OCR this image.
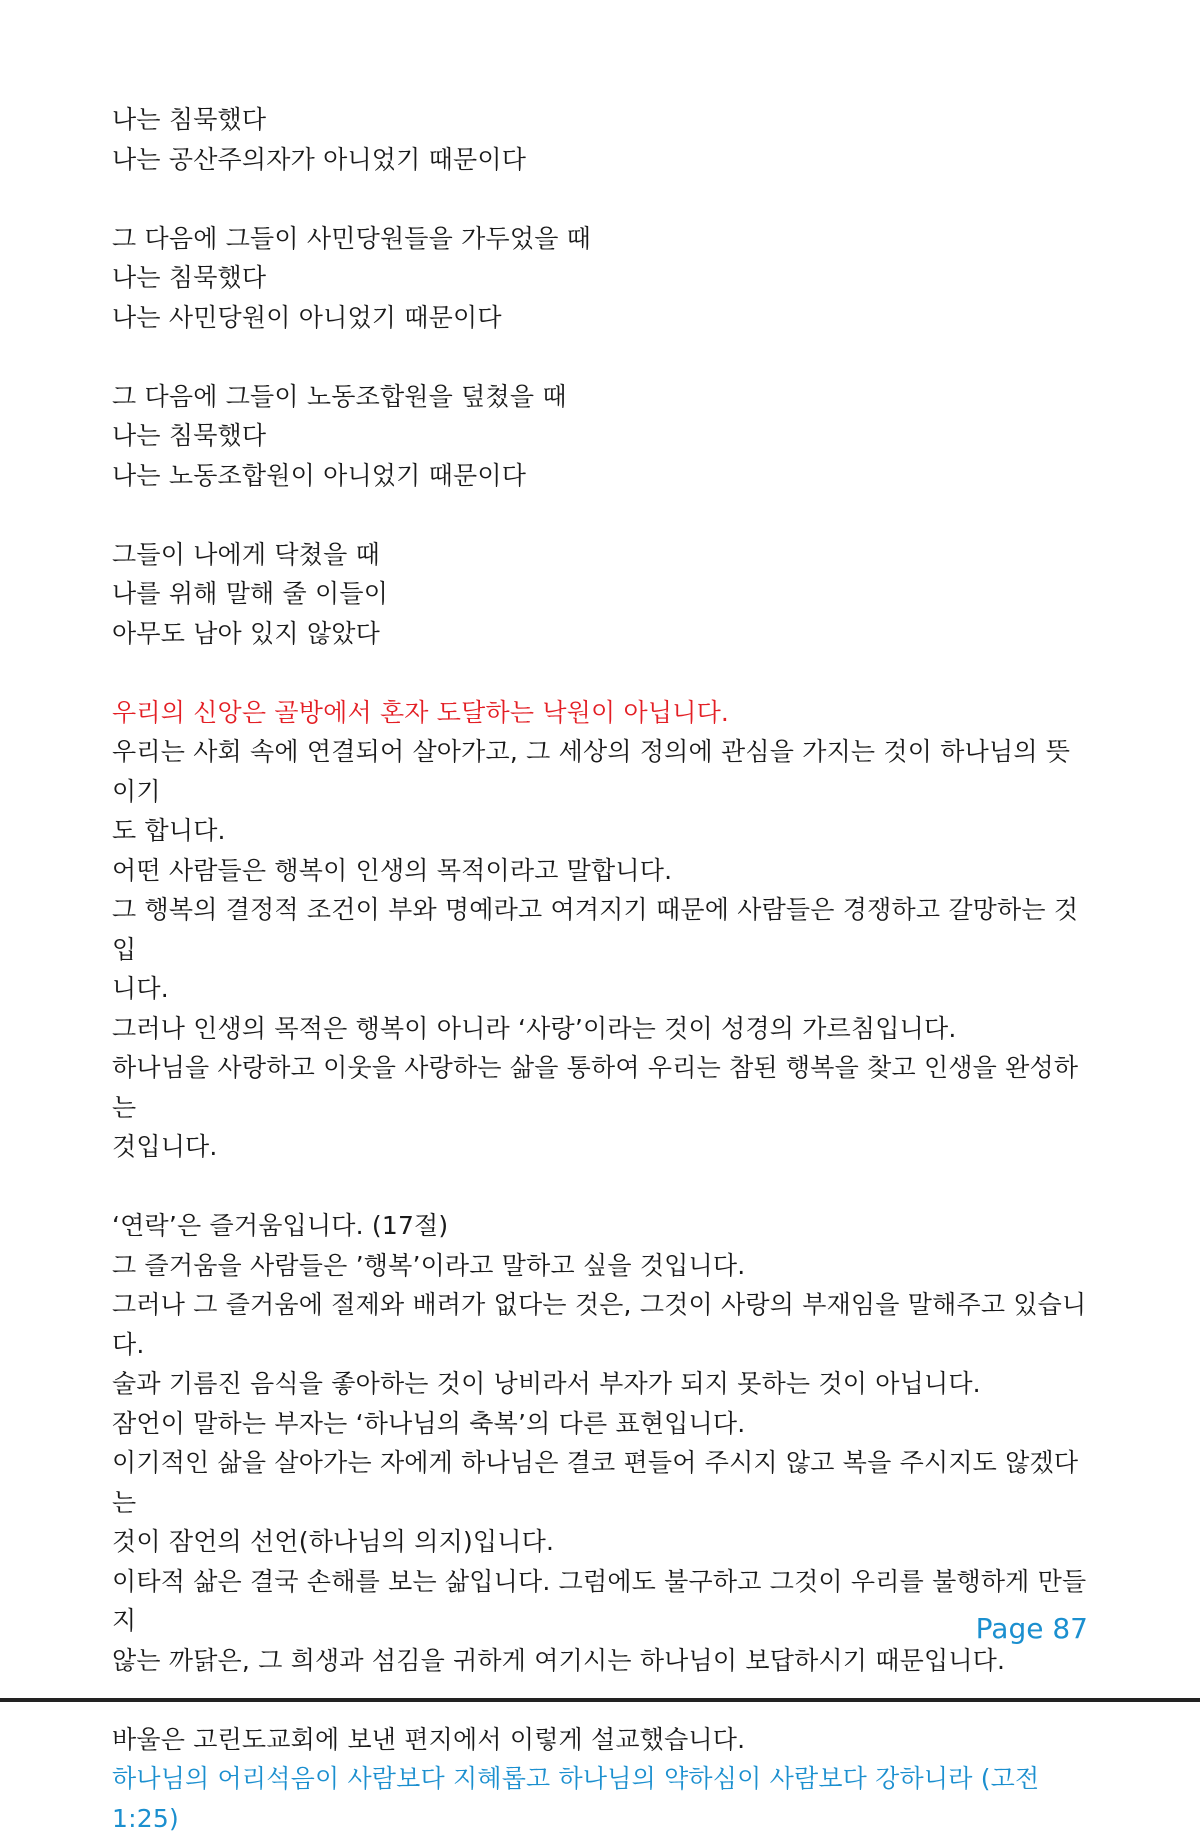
나는 침묵했다

나는 공산주의자가 아니었기 때문이다

그 다음에 그들이 사민당원들을 가두었을 때

나는 침묵했다

나는 사민당원이 아니었기 때문이다

그 다음에 그들이 노동조합원을 덮쳤을 때

나는 침묵했다

나는 노동조합원이 아니었기 때문이다

그들이 나에게 닥쳤을 때

나를 위해 말해 줄 이들이

아무도 남아 있지 않았다

우리의 신앙은 골방에서 혼자 도달하는 낙원이 아닙니다.

우리는 사회 속에 연결되어 살아가고, 그 세상의 정의에 관심을 가지는 것이 하나님의 뜻이기

도 합니다.

어떤 사람들은 행복이 인생의 목적이라고 말합니다.

그 행복의 결정적 조건이 부와 명예라고 여겨지기 때문에 사람들은 경쟁하고 갈망하는 것입

니다.

그러나 인생의 목적은 행복이 아니라 ‘사랑’이라는 것이 성경의 가르침입니다.

하나님을 사랑하고 이웃을 사랑하는 삶을 통하여 우리는 참된 행복을 찾고 인생을 완성하는

것입니다.

‘연락’은 즐거움입니다. (17절)

그 즐거움을 사람들은 ’행복’이라고 말하고 싶을 것입니다.

그러나 그 즐거움에 절제와 배려가 없다는 것은, 그것이 사랑의 부재임을 말해주고 있습니다.

술과 기름진 음식을 좋아하는 것이 낭비라서 부자가 되지 못하는 것이 아닙니다.

잠언이 말하는 부자는 ‘하나님의 축복’의 다른 표현입니다.

이기적인 삶을 살아가는 자에게 하나님은 결코 편들어 주시지 않고 복을 주시지도 않겠다는

것이 잠언의 선언(하나님의 의지)입니다.

이타적 삶은 결국 손해를 보는 삶입니다. 그럼에도 불구하고 그것이 우리를 불행하게 만들지

않는 까닭은, 그 희생과 섬김을 귀하게 여기시는 하나님이 보답하시기 때문입니다.

바울은 고린도교회에 보낸 편지에서 이렇게 설교했습니다.

하나님의 어리석음이 사람보다 지혜롭고 하나님의 약하심이 사람보다 강하니라 (고전 1:25)

Page 87
